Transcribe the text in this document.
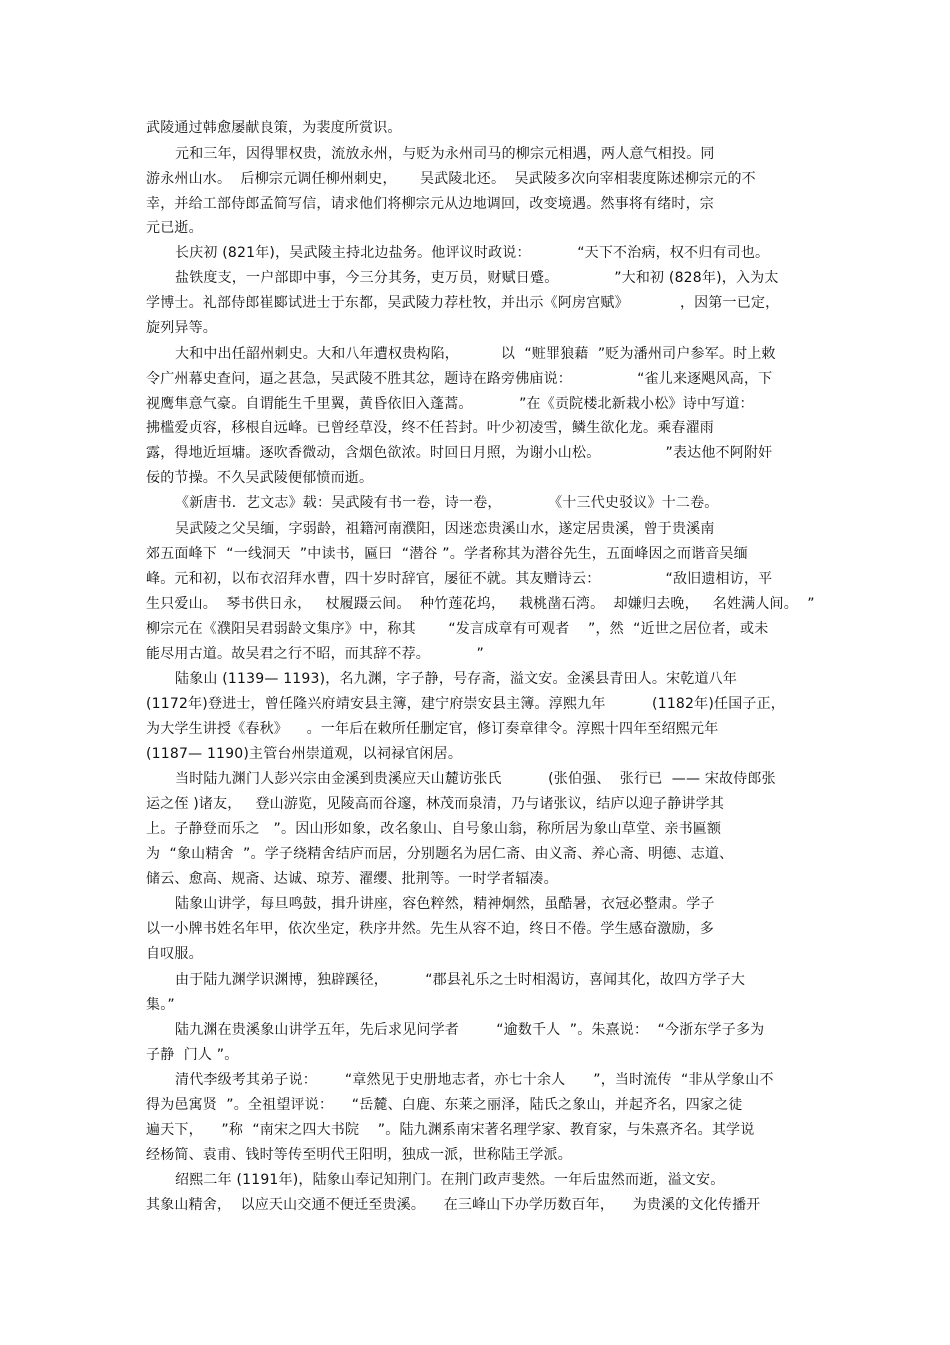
武陵通过韩愈屡献良策，为裴度所赏识。
元和三年，因得罪权贵，流放永州，与贬为永州司马的柳宗元相遇，两人意气相投。同
游永州山水。  后柳宗元调任柳州刺史，     吴武陵北还。  吴武陵多次向宰相裴度陈述柳宗元的不
幸，并给工部侍郎孟简写信，请求他们将柳宗元从边地调回，改变境遇。然事将有绪时，宗
元已逝。
长庆初 (821年)，吴武陵主持北边盐务。他评议时政说：          “天下不治病，权不归有司也。
盐铁度支，一户部即中事，今三分其务，吏万员，财赋日蹙。            ”大和初 (828年)，入为太
学博士。礼部侍郎崔郾试进士于东都，吴武陵力荐杜牧，并出示《阿房宫赋》           ，因第一已定，
旋列异等。
大和中出任韶州刺史。大和八年遭权贵构陷，         以  “赃罪狼藉  ”贬为潘州司户参军。时上敕
令广州幕史查问，逼之甚急，吴武陵不胜其忿，题诗在路旁佛庙说：              “雀儿来逐飓风高，下
视鹰隼意气豪。自谓能生千里翼，黄昏依旧入蓬蒿。          ”在《贡院楼北新栽小松》诗中写道：
拂槛爱贞容，移根自远峰。已曾经草没，终不任苔封。叶少初凌雪，鳞生欲化龙。乘春濯雨
露，得地近垣墉。逐吹香微动，含烟色欲浓。时回日月照，为谢小山松。              ”表达他不阿附奸
佞的节操。不久吴武陵便郁愤而逝。
《新唐书．艺文志》载：吴武陵有书一卷，诗一卷，          《十三代史驳议》十二卷。
吴武陵之父吴缅，字弱龄，祖籍河南濮阳，因迷恋贵溪山水，遂定居贵溪，曾于贵溪南
郊五面峰下  “一线洞天  ”中读书，匾曰  “潜谷 ”。学者称其为潜谷先生，五面峰因之而谐音吴缅
峰。元和初，以布衣沼拜水曹，四十岁时辞官，屡征不就。其友赠诗云：              “敌旧遗相访，平
生只爱山。  琴书供日永，   杖履蹑云间。  种竹莲花坞，   栽桃凿石湾。  却嫌归去晚，   名姓满人间。  ”
柳宗元在《濮阳吴君弱龄文集序》中，称其       “发言成章有可观者    ”，然  “近世之居位者，或未
能尽用古道。故吴君之行不昭，而其辞不荐。          ”
陆象山 (1139— 1193)，名九渊，字子静，号存斋，溢文安。金溪县青田人。宋乾道八年
(1172年)登进士，曾任隆兴府靖安县主簿，建宁府崇安县主簿。淳熙九年          (1182年)任国子正，
为大学生讲授《春秋》    。一年后在敕所任删定官，修订奏章律令。淳熙十四年至绍熙元年
(1187— 1190)主管台州崇道观，以祠禄官闲居。
当时陆九渊门人彭兴宗由金溪到贵溪应天山麓访张氏          (张伯强、  张行已  —— 宋故侍郎张
运之侄 )诸友，   登山游览，见陵高而谷邃，林茂而泉清，乃与诸张议，结庐以迎子静讲学其
上。子静登而乐之   ”。因山形如象，改名象山、自号象山翁，称所居为象山草堂、亲书匾额
为  “象山精舍  ”。学子绕精舍结庐而居，分别题名为居仁斋、由义斋、养心斋、明德、志道、
储云、愈高、规斋、达诚、琼芳、濯缨、批荆等。一时学者辐凑。
陆象山讲学，每旦鸣鼓，揖升讲座，容色粹然，精神炯然，虽酷暑，衣冠必整肃。学子
以一小牌书姓名年甲，依次坐定，秩序井然。先生从容不迫，终日不倦。学生感奋激励，多
自叹服。
由于陆九渊学识渊博，独辟蹊径，        “郡县礼乐之士时相渴访，喜闻其化，故四方学子大
集。”
陆九渊在贵溪象山讲学五年，先后求见问学者        “逾数千人  ”。朱熹说：  “今浙东学子多为
子静  门人 ”。
清代李级考其弟子说：      “章然见于史册地志者，亦七十余人      ”，当时流传  “非从学象山不
得为邑寓贤  ”。全祖望评说：    “岳麓、白鹿、东莱之丽泽，陆氏之象山，并起齐名，四家之徒
遍天下，    ”称  “南宋之四大书院    ”。陆九渊系南宋著名理学家、教育家，与朱熹齐名。其学说
经杨简、袁甫、钱时等传至明代王阳明，独成一派，世称陆王学派。
绍熙二年 (1191年)，陆象山奉记知荆门。在荆门政声斐然。一年后盅然而逝，溢文安。
其象山精舍，  以应天山交通不便迁至贵溪。    在三峰山下办学历数百年，    为贵溪的文化传播开
